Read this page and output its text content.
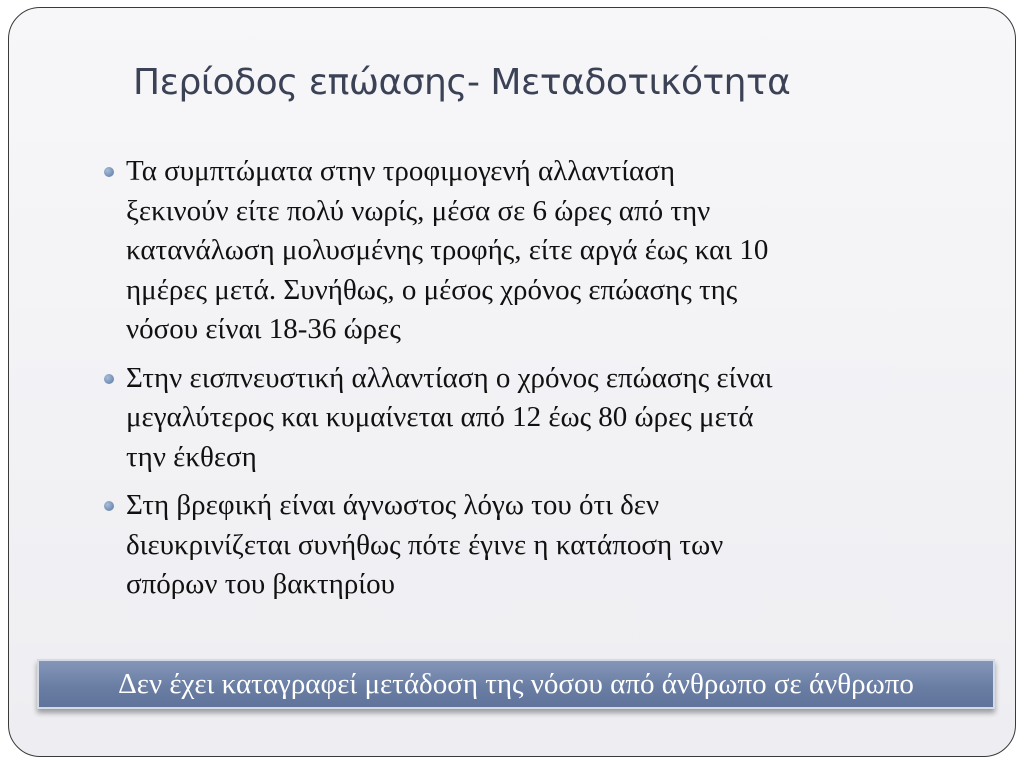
Περίοδος επώασης- Μεταδοτικότητα
Τα συμπτώματα στην τροφιμογενή αλλαντίαση
ξεκινούν είτε πολύ νωρίς, μέσα σε 6 ώρες από την
κατανάλωση μολυσμένης τροφής, είτε αργά έως και 10
ημέρες μετά. Συνήθως, ο μέσος χρόνος επώασης της
νόσου είναι 18-36 ώρες
Στην εισπνευστική αλλαντίαση ο χρόνος επώασης είναι
μεγαλύτερος και κυμαίνεται από 12 έως 80 ώρες μετά
την έκθεση
Στη βρεφική είναι άγνωστος λόγω του ότι δεν
διευκρινίζεται συνήθως πότε έγινε η κατάποση των
σπόρων του βακτηρίου
Δεν έχει καταγραφεί μετάδοση της νόσου από άνθρωπο σε άνθρωπο
